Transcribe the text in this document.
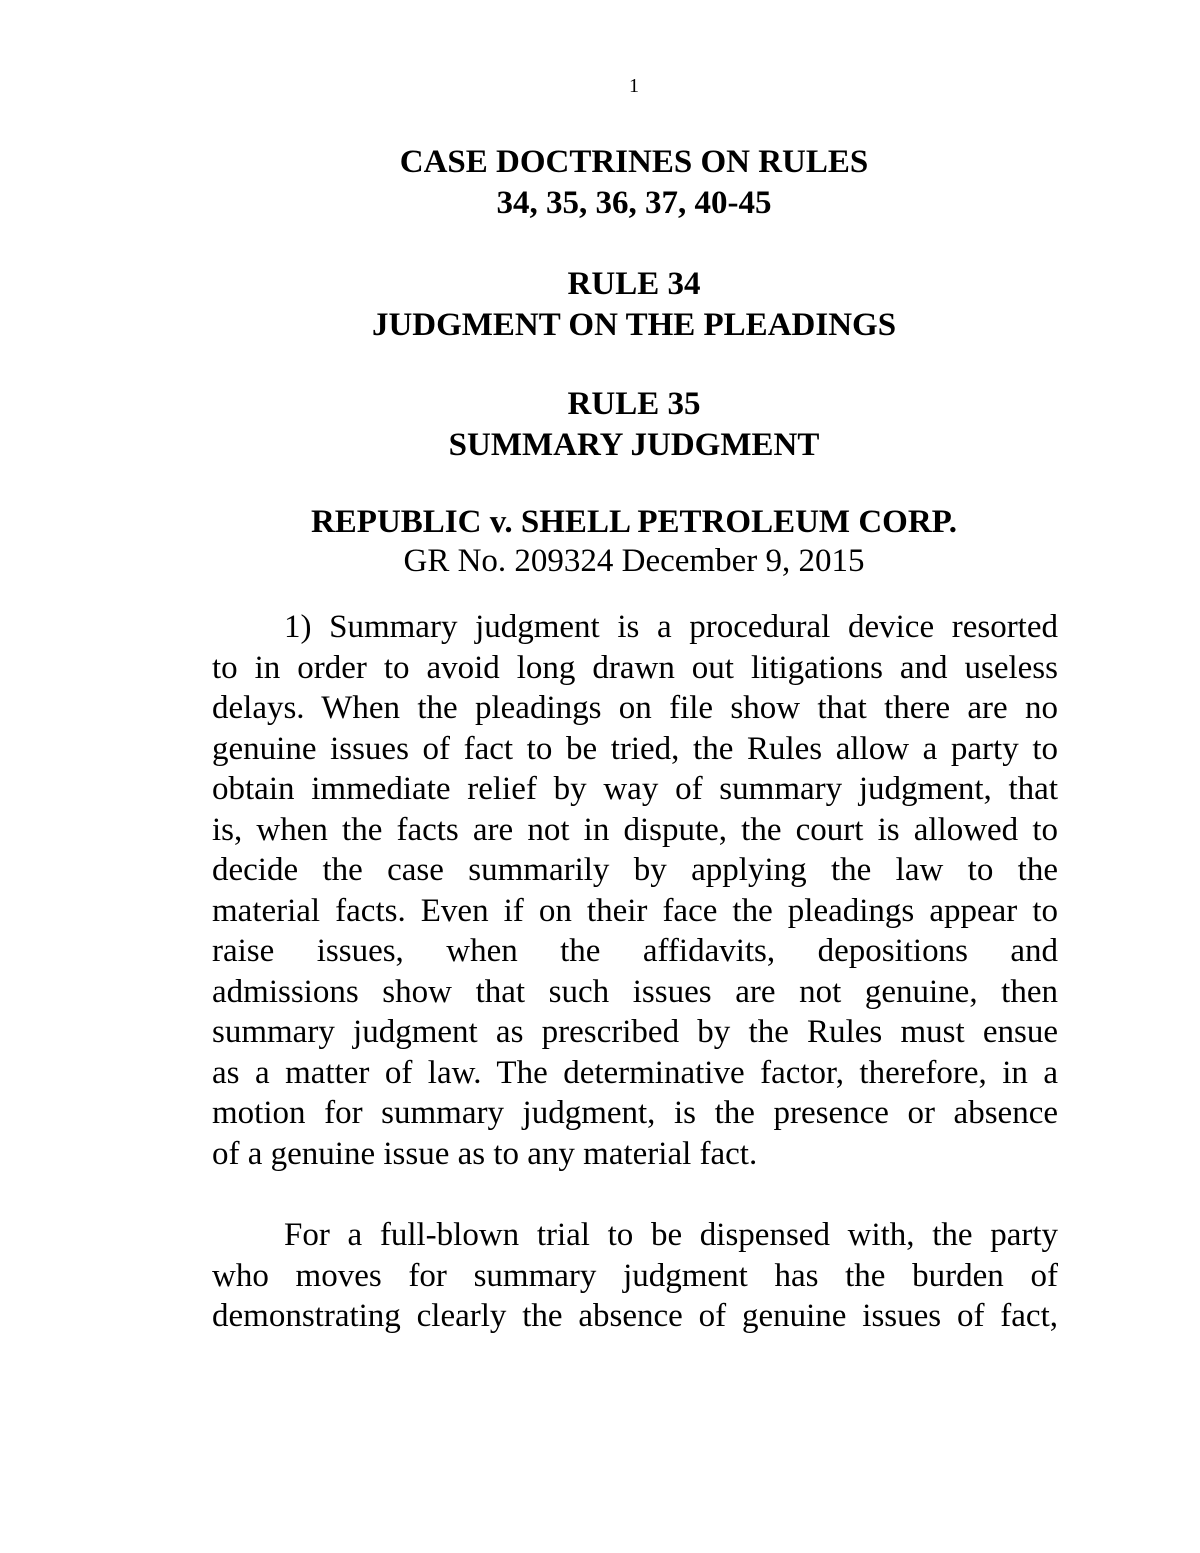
1
CASE DOCTRINES ON RULES
34, 35, 36, 37, 40-45
RULE 34
JUDGMENT ON THE PLEADINGS
RULE 35
SUMMARY JUDGMENT
REPUBLIC v. SHELL PETROLEUM CORP.
GR No. 209324 December 9, 2015
1) Summary judgment is a procedural device resorted
to in order to avoid long drawn out litigations and useless
delays. When the pleadings on file show that there are no
genuine issues of fact to be tried, the Rules allow a party to
obtain immediate relief by way of summary judgment, that
is, when the facts are not in dispute, the court is allowed to
decide the case summarily by applying the law to the
material facts. Even if on their face the pleadings appear to
raise issues, when the affidavits, depositions and
admissions show that such issues are not genuine, then
summary judgment as prescribed by the Rules must ensue
as a matter of law. The determinative factor, therefore, in a
motion for summary judgment, is the presence or absence
of a genuine issue as to any material fact.
For a full-blown trial to be dispensed with, the party
who moves for summary judgment has the burden of
demonstrating clearly the absence of genuine issues of fact,
